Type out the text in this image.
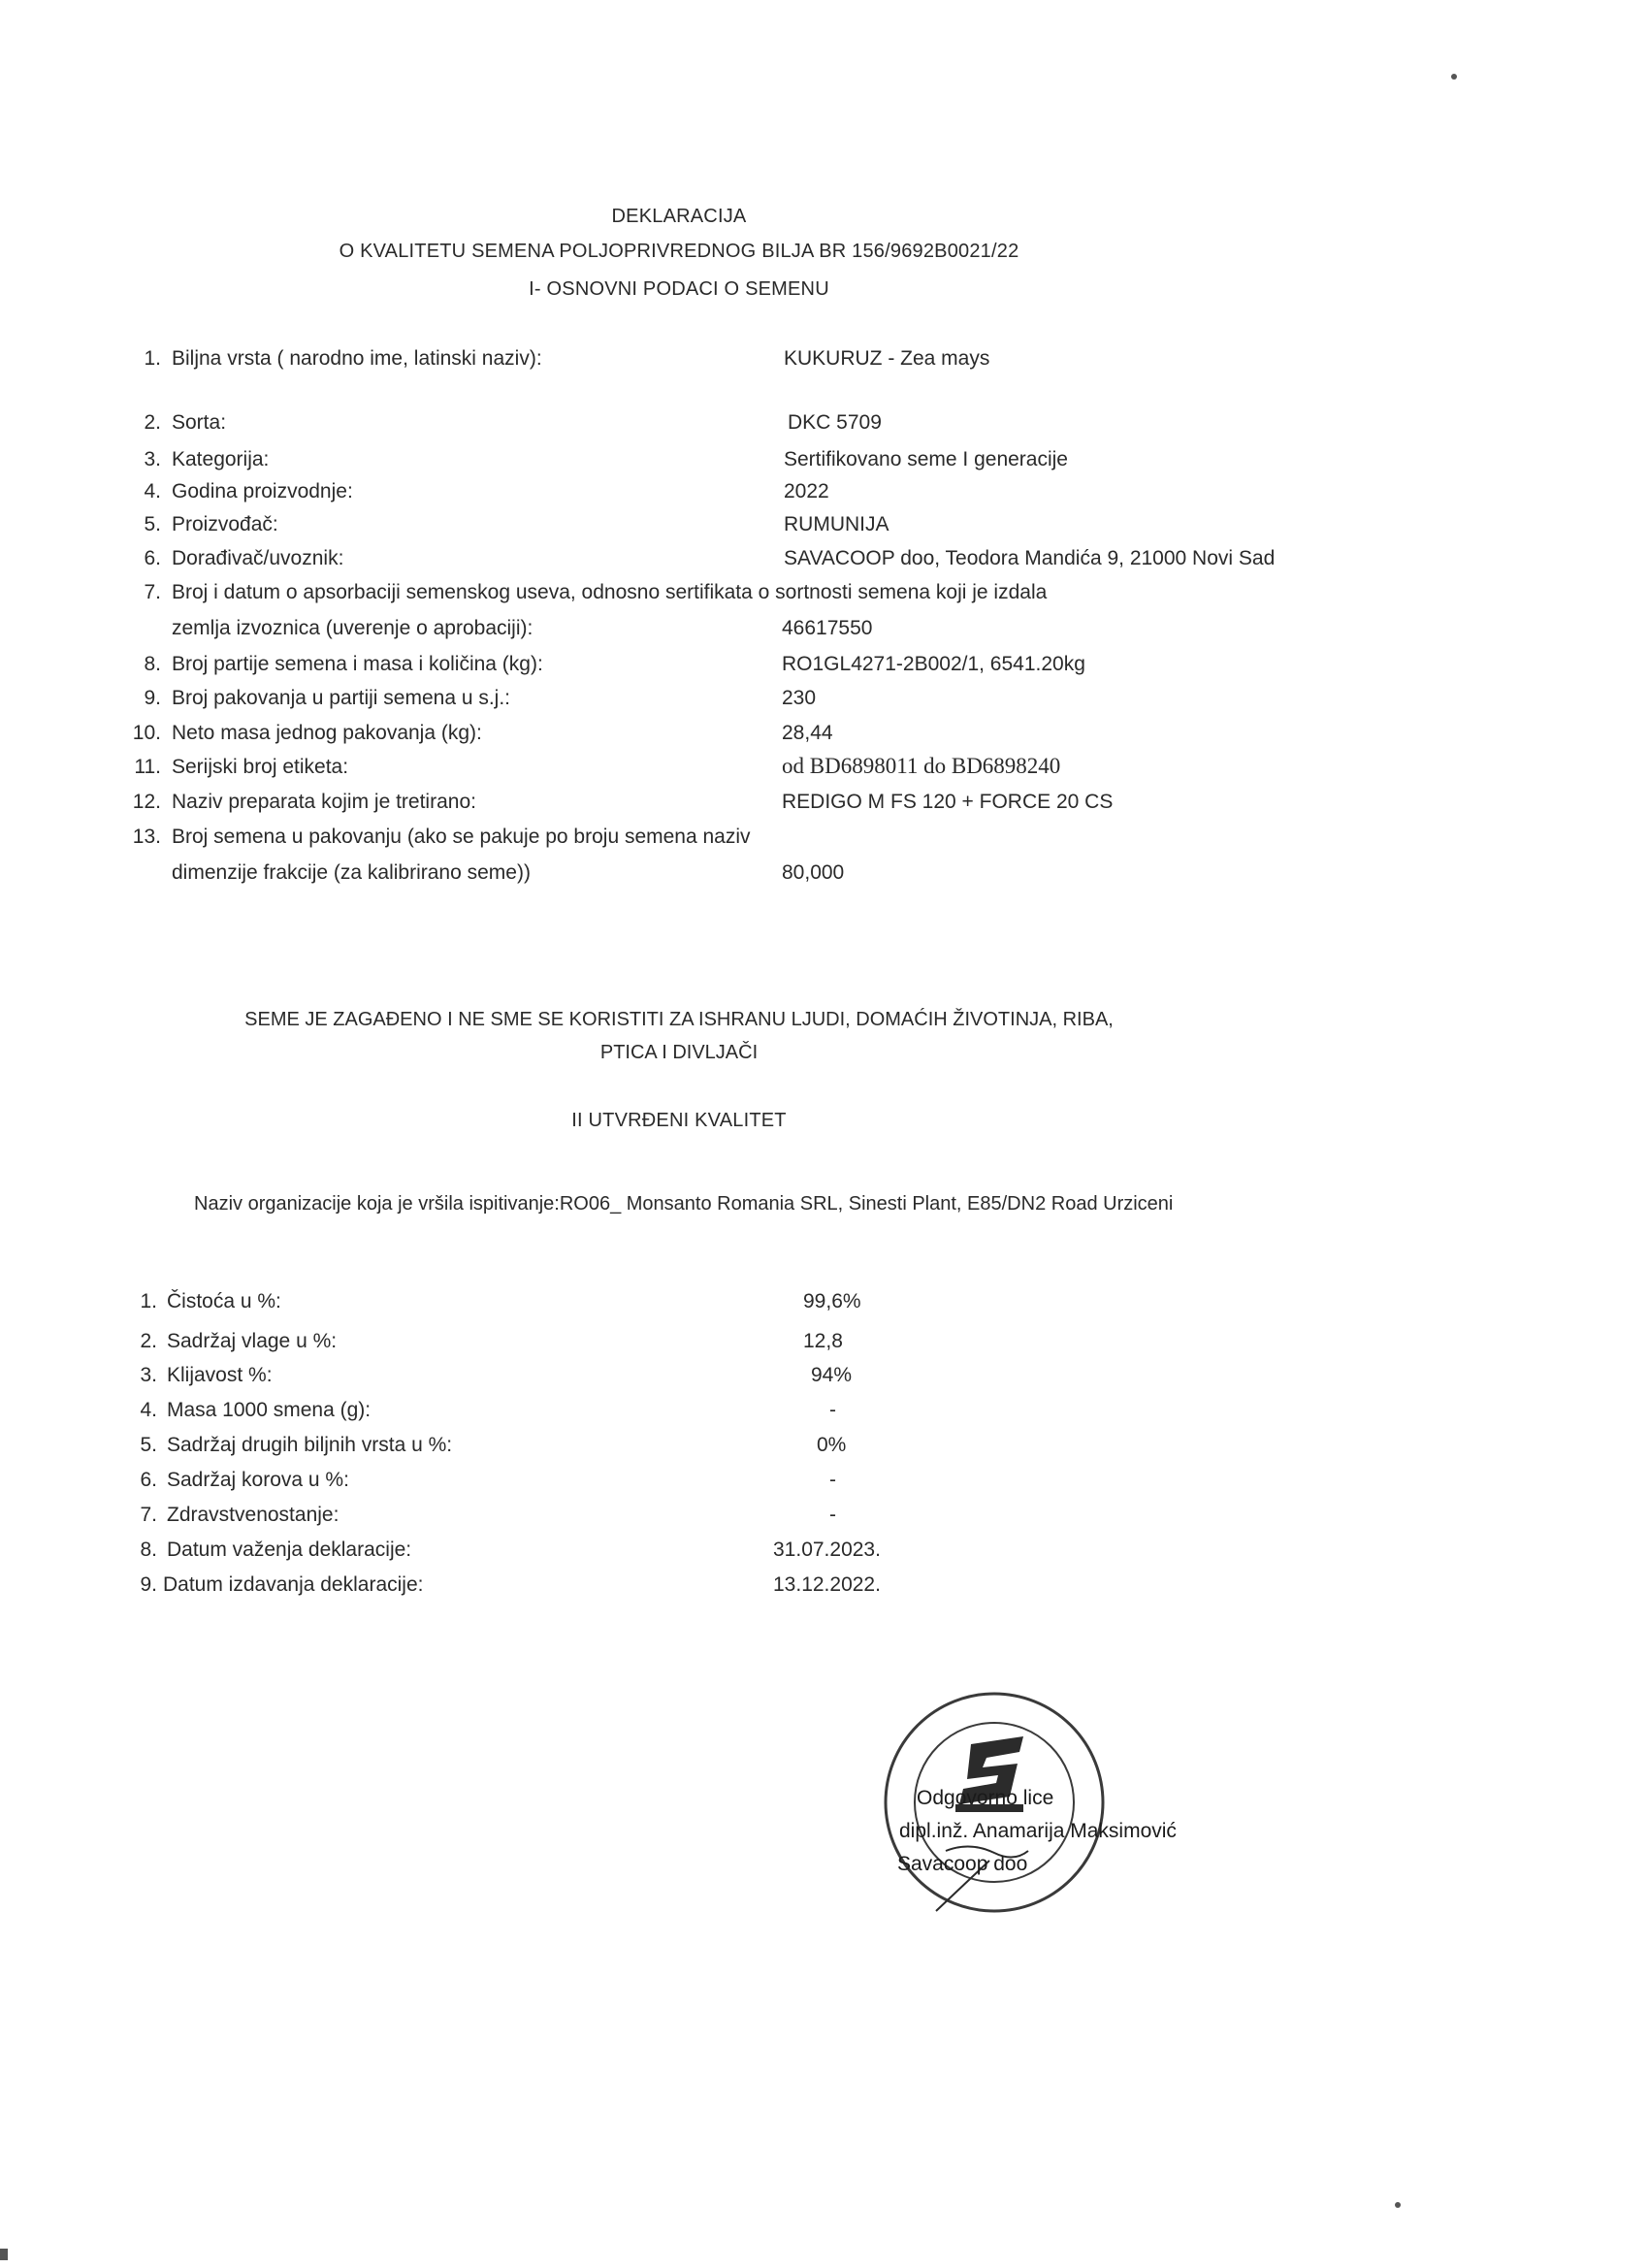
DEKLARACIJA
O KVALITETU SEMENA POLJOPRIVREDNOG BILJA BR 156/9692B0021/22
I- OSNOVNI PODACI O SEMENU
1. Biljna vrsta ( narodno ime, latinski naziv):	KUKURUZ - Zea mays
2. Sorta:	DKC 5709
3. Kategorija:	Sertifikovano seme I generacije
4. Godina proizvodnje:	2022
5. Proizvođač:	RUMUNIJA
6. Dorađivač/uvoznik:	SAVACOOP doo, Teodora Mandića 9, 21000 Novi Sad
7. Broj i datum o apsorbaciji semenskog useva, odnosno sertifikata o sortnosti semena koji je izdala
zemlja izvoznica (uverenje o aprobaciji):	46617550
8. Broj partije semena i masa i količina (kg):	RO1GL4271-2B002/1, 6541.20kg
9. Broj pakovanja u partiji semena u s.j.:	230
10. Neto masa jednog pakovanja (kg):	28,44
11. Serijski broj etiketa:	od BD6898011 do BD6898240
12. Naziv preparata kojim je tretirano:	REDIGO M FS 120 + FORCE 20 CS
13. Broj semena u pakovanju (ako se pakuje po broju semena naziv
dimenzije frakcije (za kalibrirano seme))	80,000
SEME JE ZAGAĐENO I NE SME SE KORISTITI ZA ISHRANU LJUDI, DOMAĆIH ŽIVOTINJA, RIBA,
PTICA I DIVLJAČI
II UTVRĐENI KVALITET
Naziv organizacije koja je vršila ispitivanje:RO06_ Monsanto Romania SRL, Sinesti Plant, E85/DN2 Road Urziceni
1. Čistoća u %:	99,6%
2. Sadržaj vlage u %:	12,8
3. Klijavost %:	94%
4. Masa 1000 smena (g):	-
5. Sadržaj drugih biljnih vrsta u %:	0%
6. Sadržaj korova u %:	-
7. Zdravstvenostanje:	-
8. Datum važenja deklaracije:	31.07.2023.
9. Datum izdavanja deklaracije:	13.12.2022.
Odgovorno lice
dipl.inž. Anamarija Maksimović
Savacoop doo
